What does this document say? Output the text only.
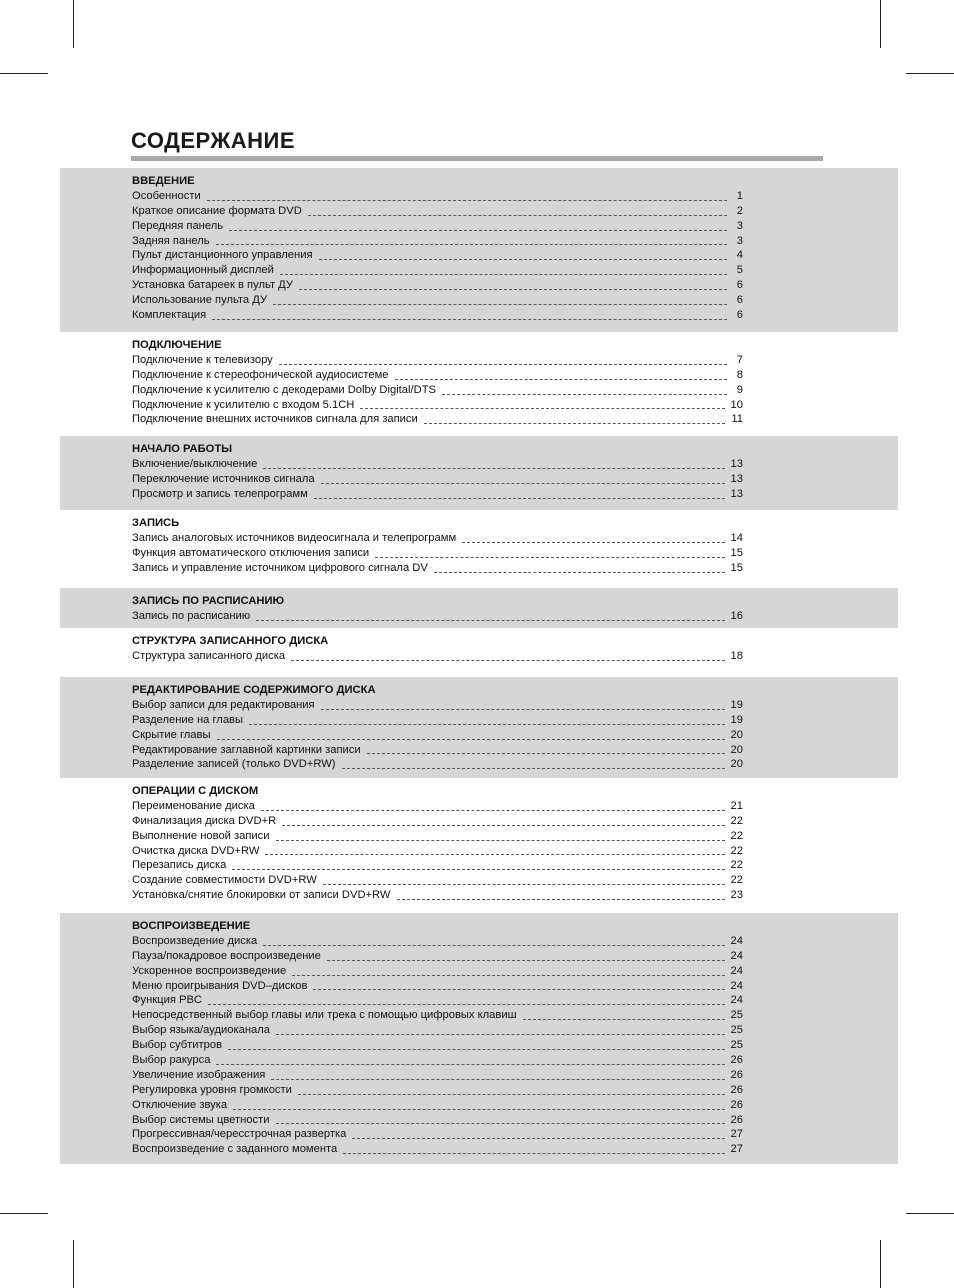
СОДЕРЖАНИЕ
ВВЕДЕНИЕ
Особенности	1
Краткое описание формата DVD	2
Передняя панель	3
Задняя панель	3
Пульт дистанционного управления	4
Информационный дисплей	5
Установка батареек в пульт ДУ	6
Использование пульта ДУ	6
Комплектация	6
ПОДКЛЮЧЕНИЕ
Подключение к телевизору	7
Подключение к стереофонической аудиосистеме	8
Подключение к усилителю с декодерами Dolby Digital/DTS	9
Подключение к усилителю с входом 5.1CH	10
Подключение внешних источников сигнала для записи	11
НАЧАЛО РАБОТЫ
Включение/выключение	13
Переключение источников сигнала	13
Просмотр и запись телепрограмм	13
ЗАПИСЬ
Запись аналоговых источников видеосигнала и телепрограмм	14
Функция автоматического отключения записи	15
Запись и управление источником цифрового сигнала DV	15
ЗАПИСЬ ПО РАСПИСАНИЮ
Запись по расписанию	16
СТРУКТУРА ЗАПИСАННОГО ДИСКА
Структура записанного диска	18
РЕДАКТИРОВАНИЕ СОДЕРЖИМОГО ДИСКА
Выбор записи для редактирования	19
Разделение на главы	19
Скрытие главы	20
Редактирование заглавной картинки записи	20
Разделение записей (только DVD+RW)	20
ОПЕРАЦИИ С ДИСКОМ
Переименование диска	21
Финализация диска DVD+R	22
Выполнение новой записи	22
Очистка диска DVD+RW	22
Перезапись диска	22
Создание совместимости DVD+RW	22
Установка/снятие блокировки от записи DVD+RW	23
ВОСПРОИЗВЕДЕНИЕ
Воспроизведение диска	24
Пауза/покадровое воспроизведение	24
Ускоренное воспроизведение	24
Меню проигрывания DVD–дисков	24
Функция PBC	24
Непосредственный выбор главы или трека с помощью цифровых клавиш	25
Выбор языка/аудиоканала	25
Выбор субтитров	25
Выбор ракурса	26
Увеличение изображения	26
Регулировка уровня громкости	26
Отключение звука	26
Выбор системы цветности	26
Прогрессивная/чересстрочная развертка	27
Воспроизведение с заданного момента	27
